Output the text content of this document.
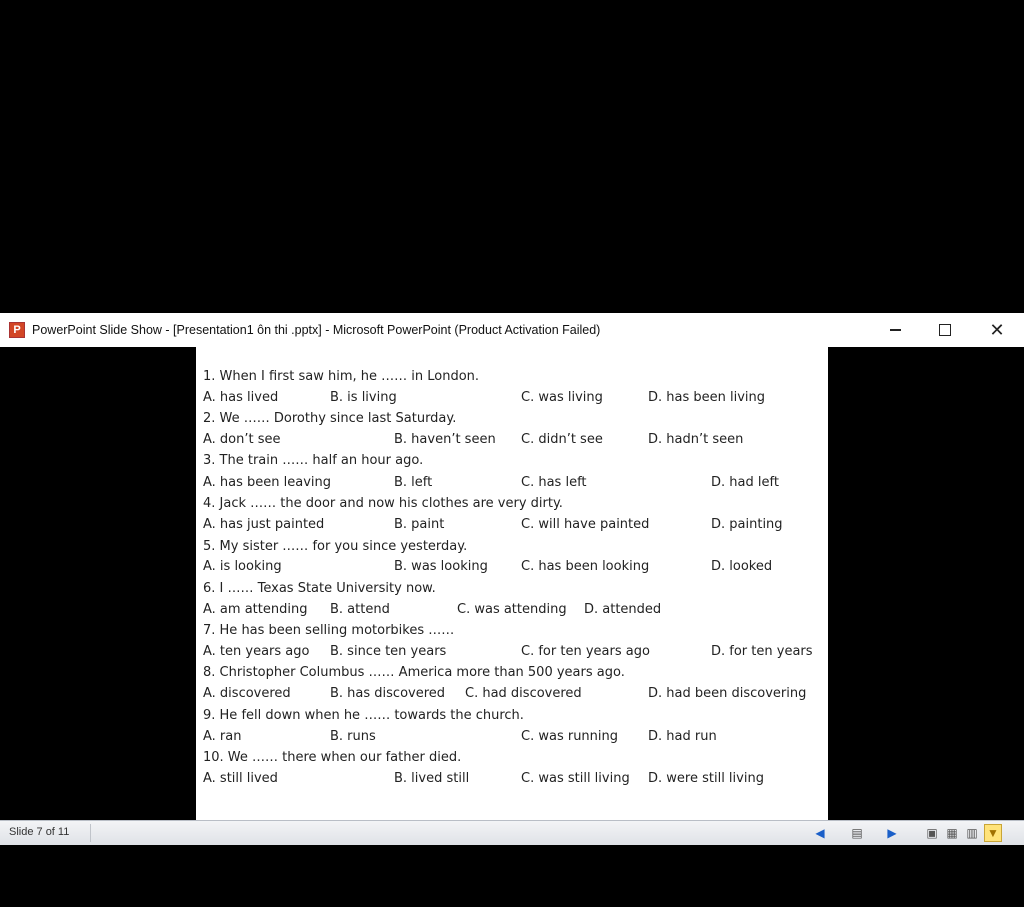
P PowerPoint Slide Show - [Presentation1 ôn thi .pptx] - Microsoft PowerPoint (Product Activation Failed)	✕
1. When I first saw him, he …… in London.
A. has lived	B. is living	C. was living	D. has been living
2. We …… Dorothy since last Saturday.
A. don’t see	B. haven’t seen C. didn’t see	D. hadn’t seen
3. The train …… half an hour ago.
A. has been leaving	B. left	C. has left	D. had left
4. Jack …… the door and now his clothes are very dirty.
A. has just painted	B. paint	C. will have painted	D. painting
5. My sister …… for you since yesterday.
A. is looking	B. was looking	C. has been looking	D. looked
6. I …… Texas State University now.
A. am attending B. attend	C. was attending D. attended
7. He has been selling motorbikes ……
A. ten years ago B. since ten years	C. for ten years ago	D. for ten years
8. Christopher Columbus …… America more than 500 years ago.
A. discovered	B. has discovered C. had discovered	D. had been discovering
9. He fell down when he …… towards the church.
A. ran	B. runs	C. was running D. had run
10. We …… there when our father died.
A. still lived	B. lived still	C. was still living D. were still living
Slide 7 of 11	◀	▤	▶	▣ ▦ ▥ ▼
